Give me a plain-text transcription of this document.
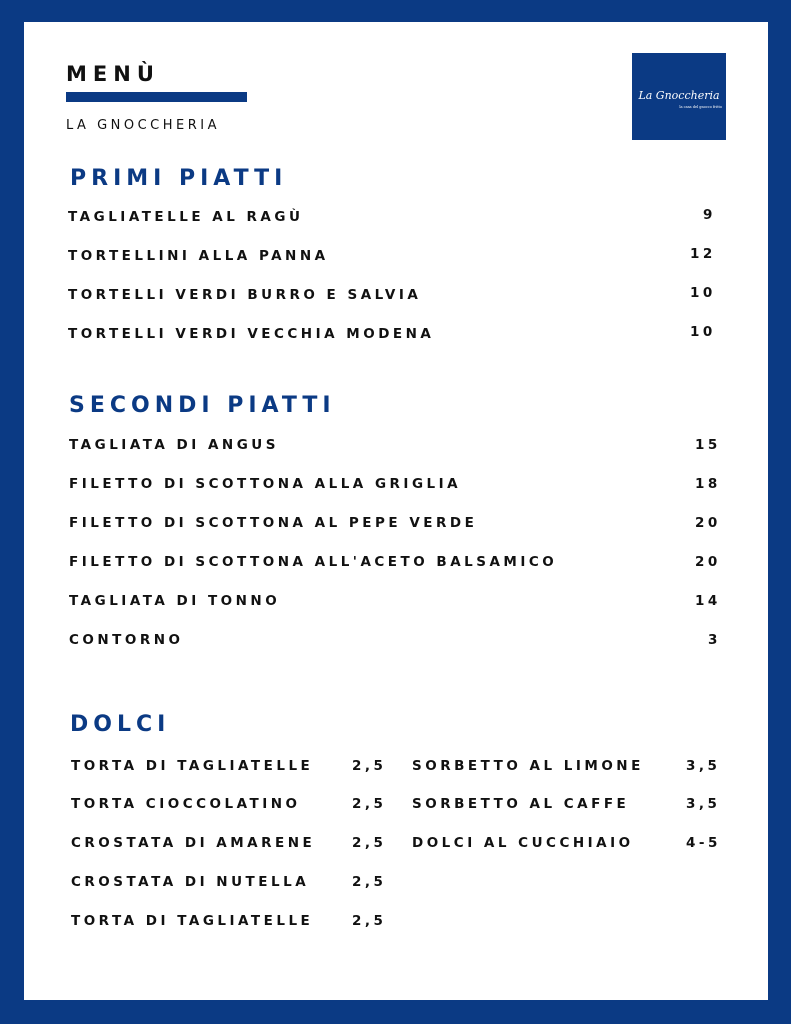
MENÙ
LA GNOCCHERIA
La Gnoccheria
la casa del gnocco fritto
PRIMI PIATTI
TAGLIATELLE AL RAGÙ	9
TORTELLINI ALLA PANNA	12
TORTELLI VERDI BURRO E SALVIA	10
TORTELLI VERDI VECCHIA MODENA	10
SECONDI PIATTI
TAGLIATA DI ANGUS	15
FILETTO DI SCOTTONA ALLA GRIGLIA	18
FILETTO DI SCOTTONA AL PEPE VERDE	20
FILETTO DI SCOTTONA ALL'ACETO BALSAMICO	20
TAGLIATA DI TONNO	14
CONTORNO	3
DOLCI
TORTA DI TAGLIATELLE	2,5
TORTA CIOCCOLATINO	2,5
CROSTATA DI AMARENE	2,5
CROSTATA DI NUTELLA	2,5
TORTA DI TAGLIATELLE	2,5
SORBETTO AL LIMONE	3,5
SORBETTO AL CAFFE	3,5
DOLCI AL CUCCHIAIO	4-5
